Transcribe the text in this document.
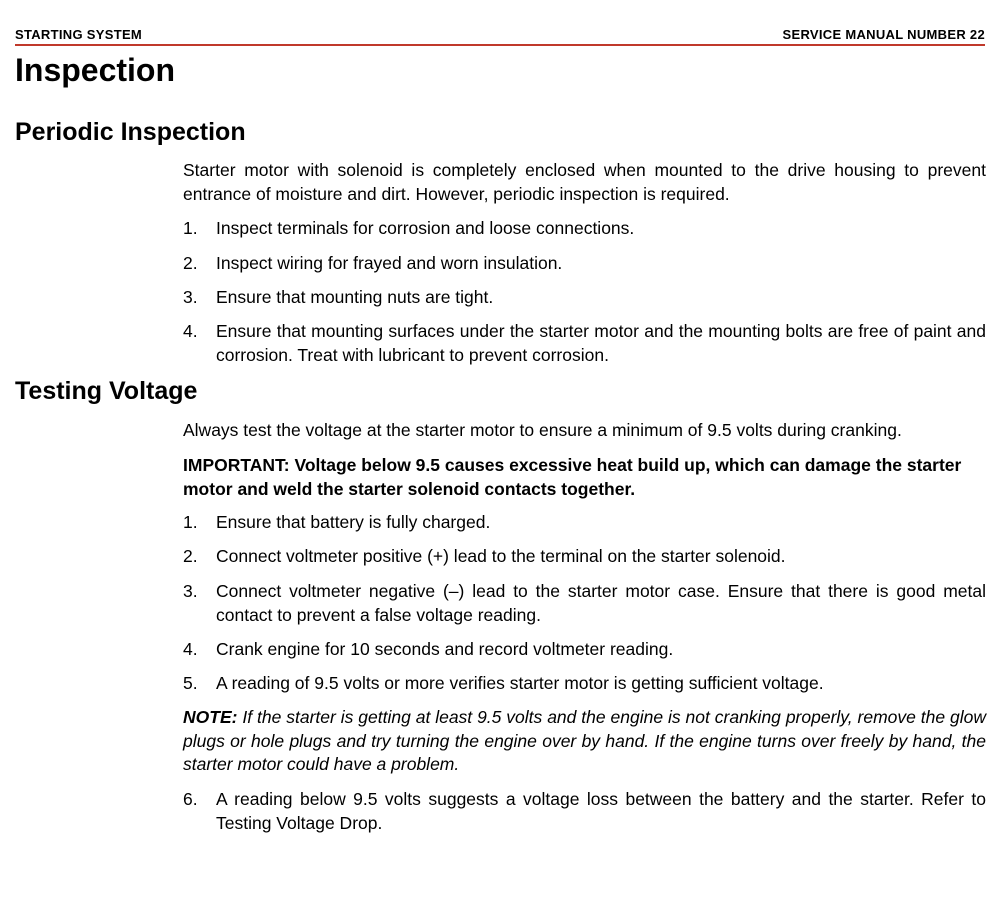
STARTING SYSTEM	SERVICE MANUAL NUMBER 22
Inspection
Periodic Inspection

Starter motor with solenoid is completely enclosed when mounted to the drive housing to prevent entrance of moisture and dirt. However, periodic inspection is required.

1. Inspect terminals for corrosion and loose connections.

2. Inspect wiring for frayed and worn insulation.

3. Ensure that mounting nuts are tight.

4. Ensure that mounting surfaces under the starter motor and the mounting bolts are free of paint and corrosion. Treat with lubricant to prevent corrosion.

Testing Voltage

Always test the voltage at the starter motor to ensure a minimum of 9.5 volts during cranking.

IMPORTANT: Voltage below 9.5 causes excessive heat build up, which can damage the starter motor and weld the starter solenoid contacts together.

1. Ensure that battery is fully charged.

2. Connect voltmeter positive (+) lead to the terminal on the starter solenoid.

3. Connect voltmeter negative (–) lead to the starter motor case. Ensure that there is good metal contact to prevent a false voltage reading.

4. Crank engine for 10 seconds and record voltmeter reading.

5. A reading of 9.5 volts or more verifies starter motor is getting sufficient voltage.

NOTE: If the starter is getting at least 9.5 volts and the engine is not cranking properly, remove the glow plugs or hole plugs and try turning the engine over by hand. If the engine turns over freely by hand, the starter motor could have a problem.

6. A reading below 9.5 volts suggests a voltage loss between the battery and the starter. Refer to Testing Voltage Drop.
